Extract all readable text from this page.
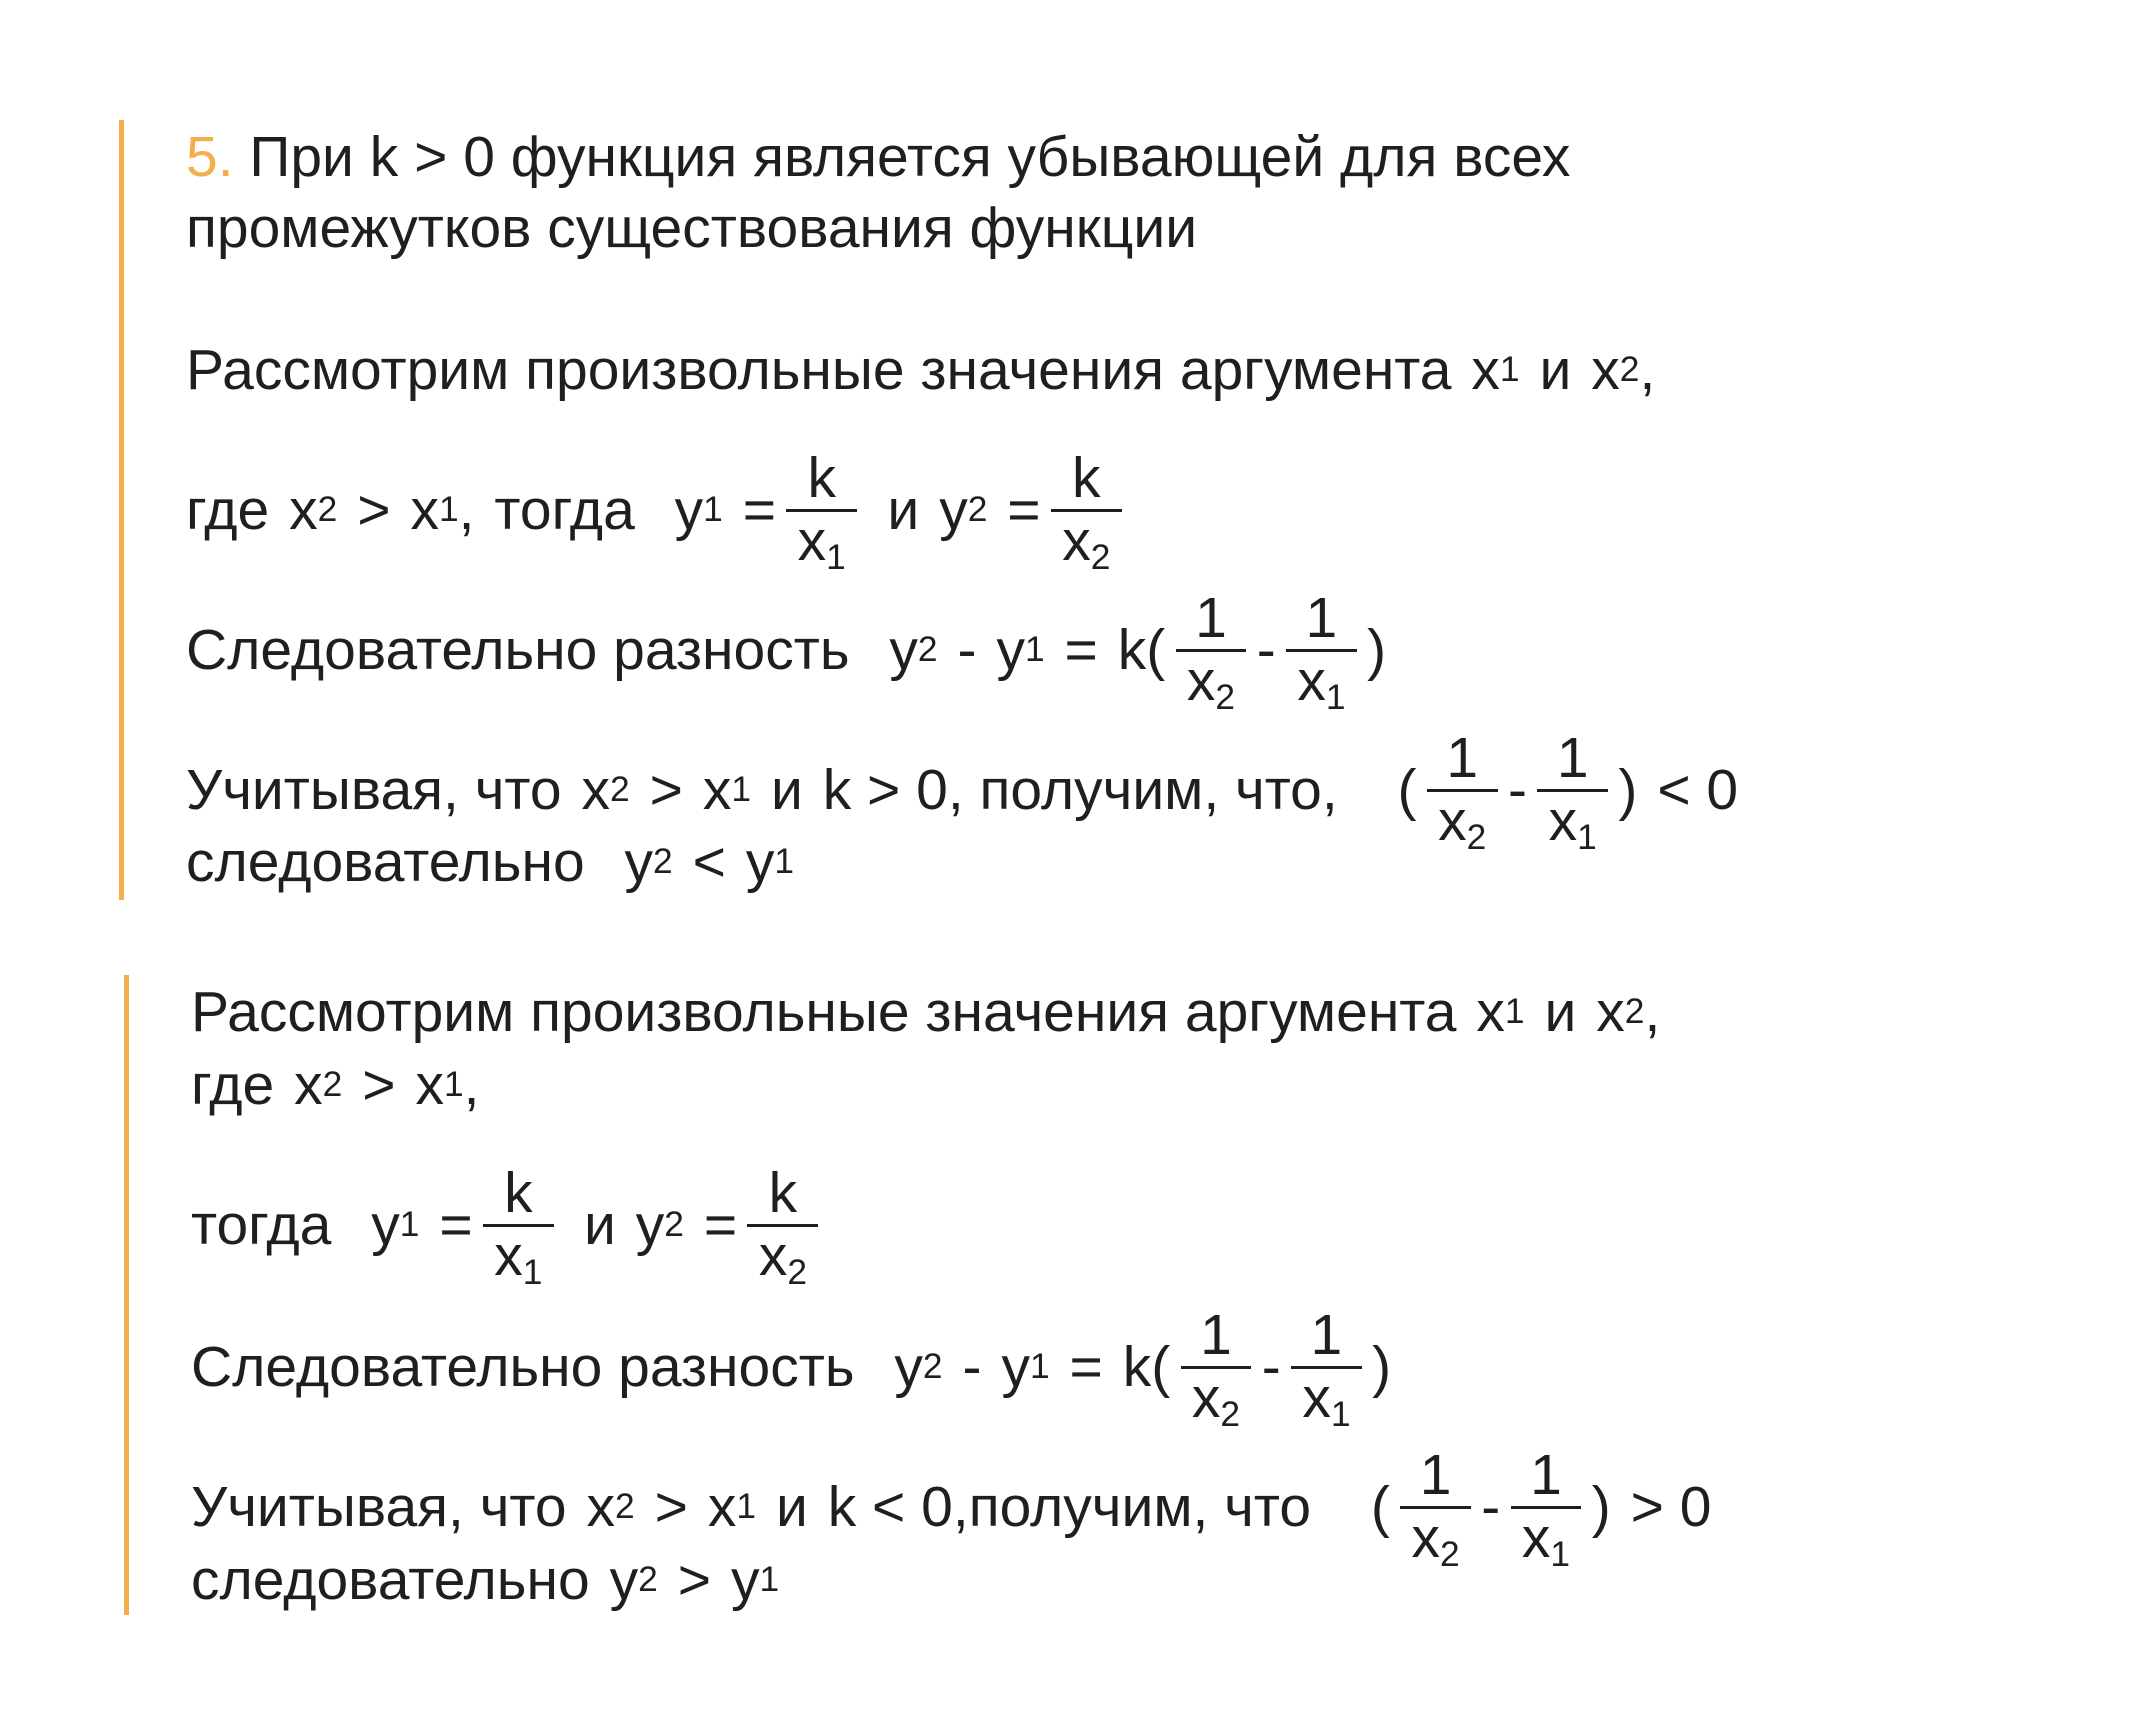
5. При k > 0 функция является убывающей для всех
промежутков существования функции
Рассмотрим произвольные значения аргумента x 1 и x 2 ,
где x 2 > x 1 , тогда y $1 = \frac{k}{x_1}$ и y $2 = \frac{k}{x_2}$
Следовательно разность y 2 - y $1 = k( \frac{1}{x_2} - \frac{1}{x_1}$ )
Учитывая, что x 2 > x 1 и k > 0, получим, что, ( $\frac{1}{x_2} - \frac{1}{x_1}$ ) < 0
следовательно y 2 < y 1
Рассмотрим произвольные значения аргумента x 1 и x 2 ,
где x 2 > x 1 ,
тогда y $1 = \frac{k}{x_1}$ и y $2 = \frac{k}{x_2}$
Следовательно разность y 2 - y $1 = k( \frac{1}{x_2} - \frac{1}{x_1}$ )
Учитывая, что x 2 > x 1 и k < 0,получим, что ( $\frac{1}{x_2} - \frac{1}{x_1}$ ) > 0
следовательно y 2 > y 1
